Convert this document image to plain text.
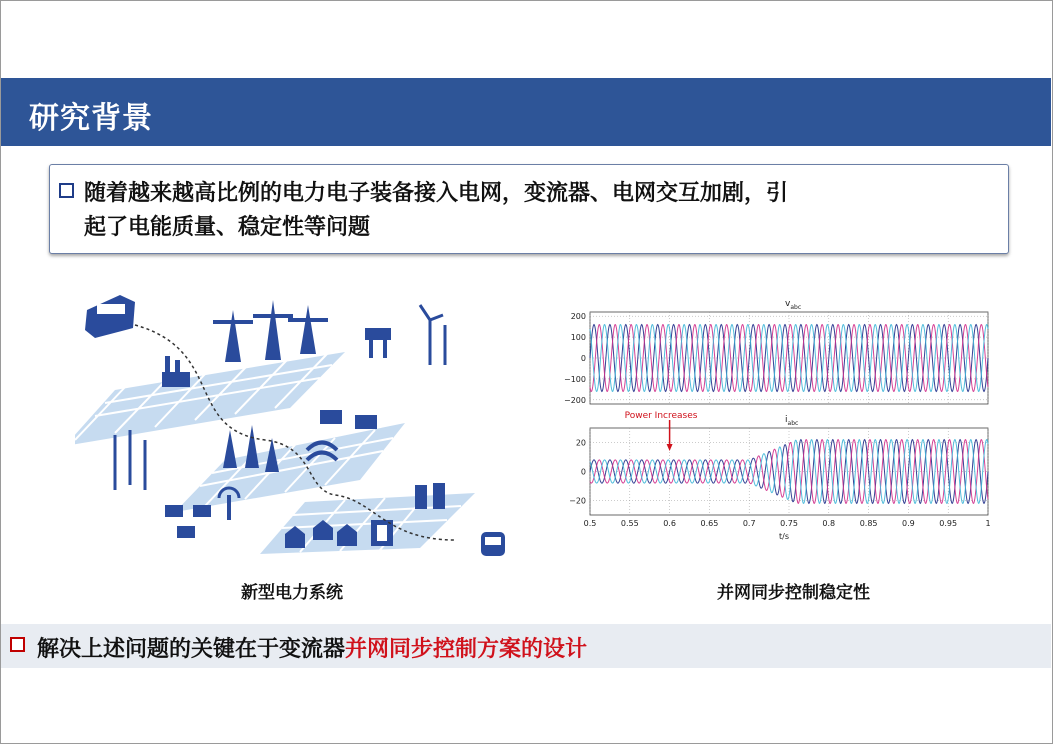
研究背景
随着越来越高比例的电力电子装备接入电网，变流器、电网交互加剧，引
起了电能质量、稳定性等问题
新型电力系统
$v_{abc}$
200
100
0
−100
−200
$i_{abc}$
20
0
−20
Power Increases
0.5	0.55	0.6	0.65	0.7	0.75	0.8	0.85	0.9	0.95	1
t/s
并网同步控制稳定性
解决上述问题的关键在于变流器并网同步控制方案的设计
